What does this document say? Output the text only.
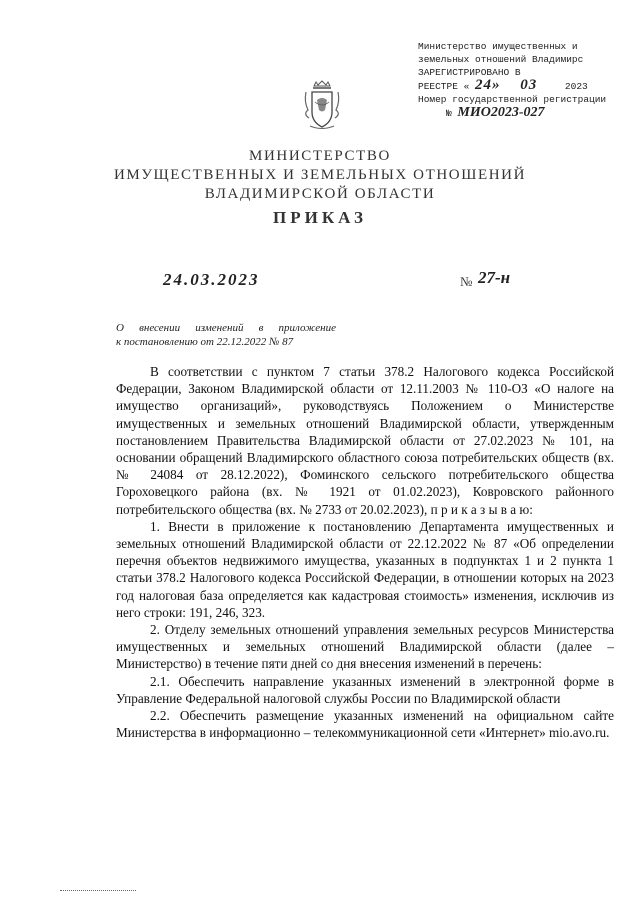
Министерство имущественных и
земельных отношений Владимирс
ЗАРЕГИСТРИРОВАНО В
РЕЕСТРЕ « 24» 03	2023
Номер государственной регистрации
№ МИО2023-027
МИНИСТЕРСТВО
ИМУЩЕСТВЕННЫХ И ЗЕМЕЛЬНЫХ ОТНОШЕНИЙ
ВЛАДИМИРСКОЙ ОБЛАСТИ
ПРИКАЗ
24.03.2023	№ 27-н
О внесении изменений в приложение
к постановлению от 22.12.2022 № 87

В соответствии с пунктом 7 статьи 378.2 Налогового кодекса Российской Федерации, Законом Владимирской области от 12.11.2003 № 110-ОЗ «О налоге на имущество организаций», руководствуясь Положением о Министерстве имущественных и земельных отношений Владимирской области, утвержденным постановлением Правительства Владимирской области от 27.02.2023 № 101, на основании обращений Владимирского областного союза потребительских обществ (вх. № 24084 от 28.12.2022), Фоминского сельского потребительского общества Гороховецкого района (вх. № 1921 от 01.02.2023), Ковровского районного потребительского общества (вх. № 2733 от 20.02.2023), п р и к а з ы в а ю:

1. Внести в приложение к постановлению Департамента имущественных и земельных отношений Владимирской области от 22.12.2022 № 87 «Об определении перечня объектов недвижимого имущества, указанных в подпунктах 1 и 2 пункта 1 статьи 378.2 Налогового кодекса Российской Федерации, в отношении которых на 2023 год налоговая база определяется как кадастровая стоимость» изменения, исключив из него строки: 191, 246, 323.

2. Отделу земельных отношений управления земельных ресурсов Министерства имущественных и земельных отношений Владимирской области (далее – Министерство) в течение пяти дней со дня внесения изменений в перечень:

2.1. Обеспечить направление указанных изменений в электронной форме в Управление Федеральной налоговой службы России по Владимирской области

2.2. Обеспечить размещение указанных изменений на официальном сайте Министерства в информационно – телекоммуникационной сети «Интернет» mio.avo.ru.
